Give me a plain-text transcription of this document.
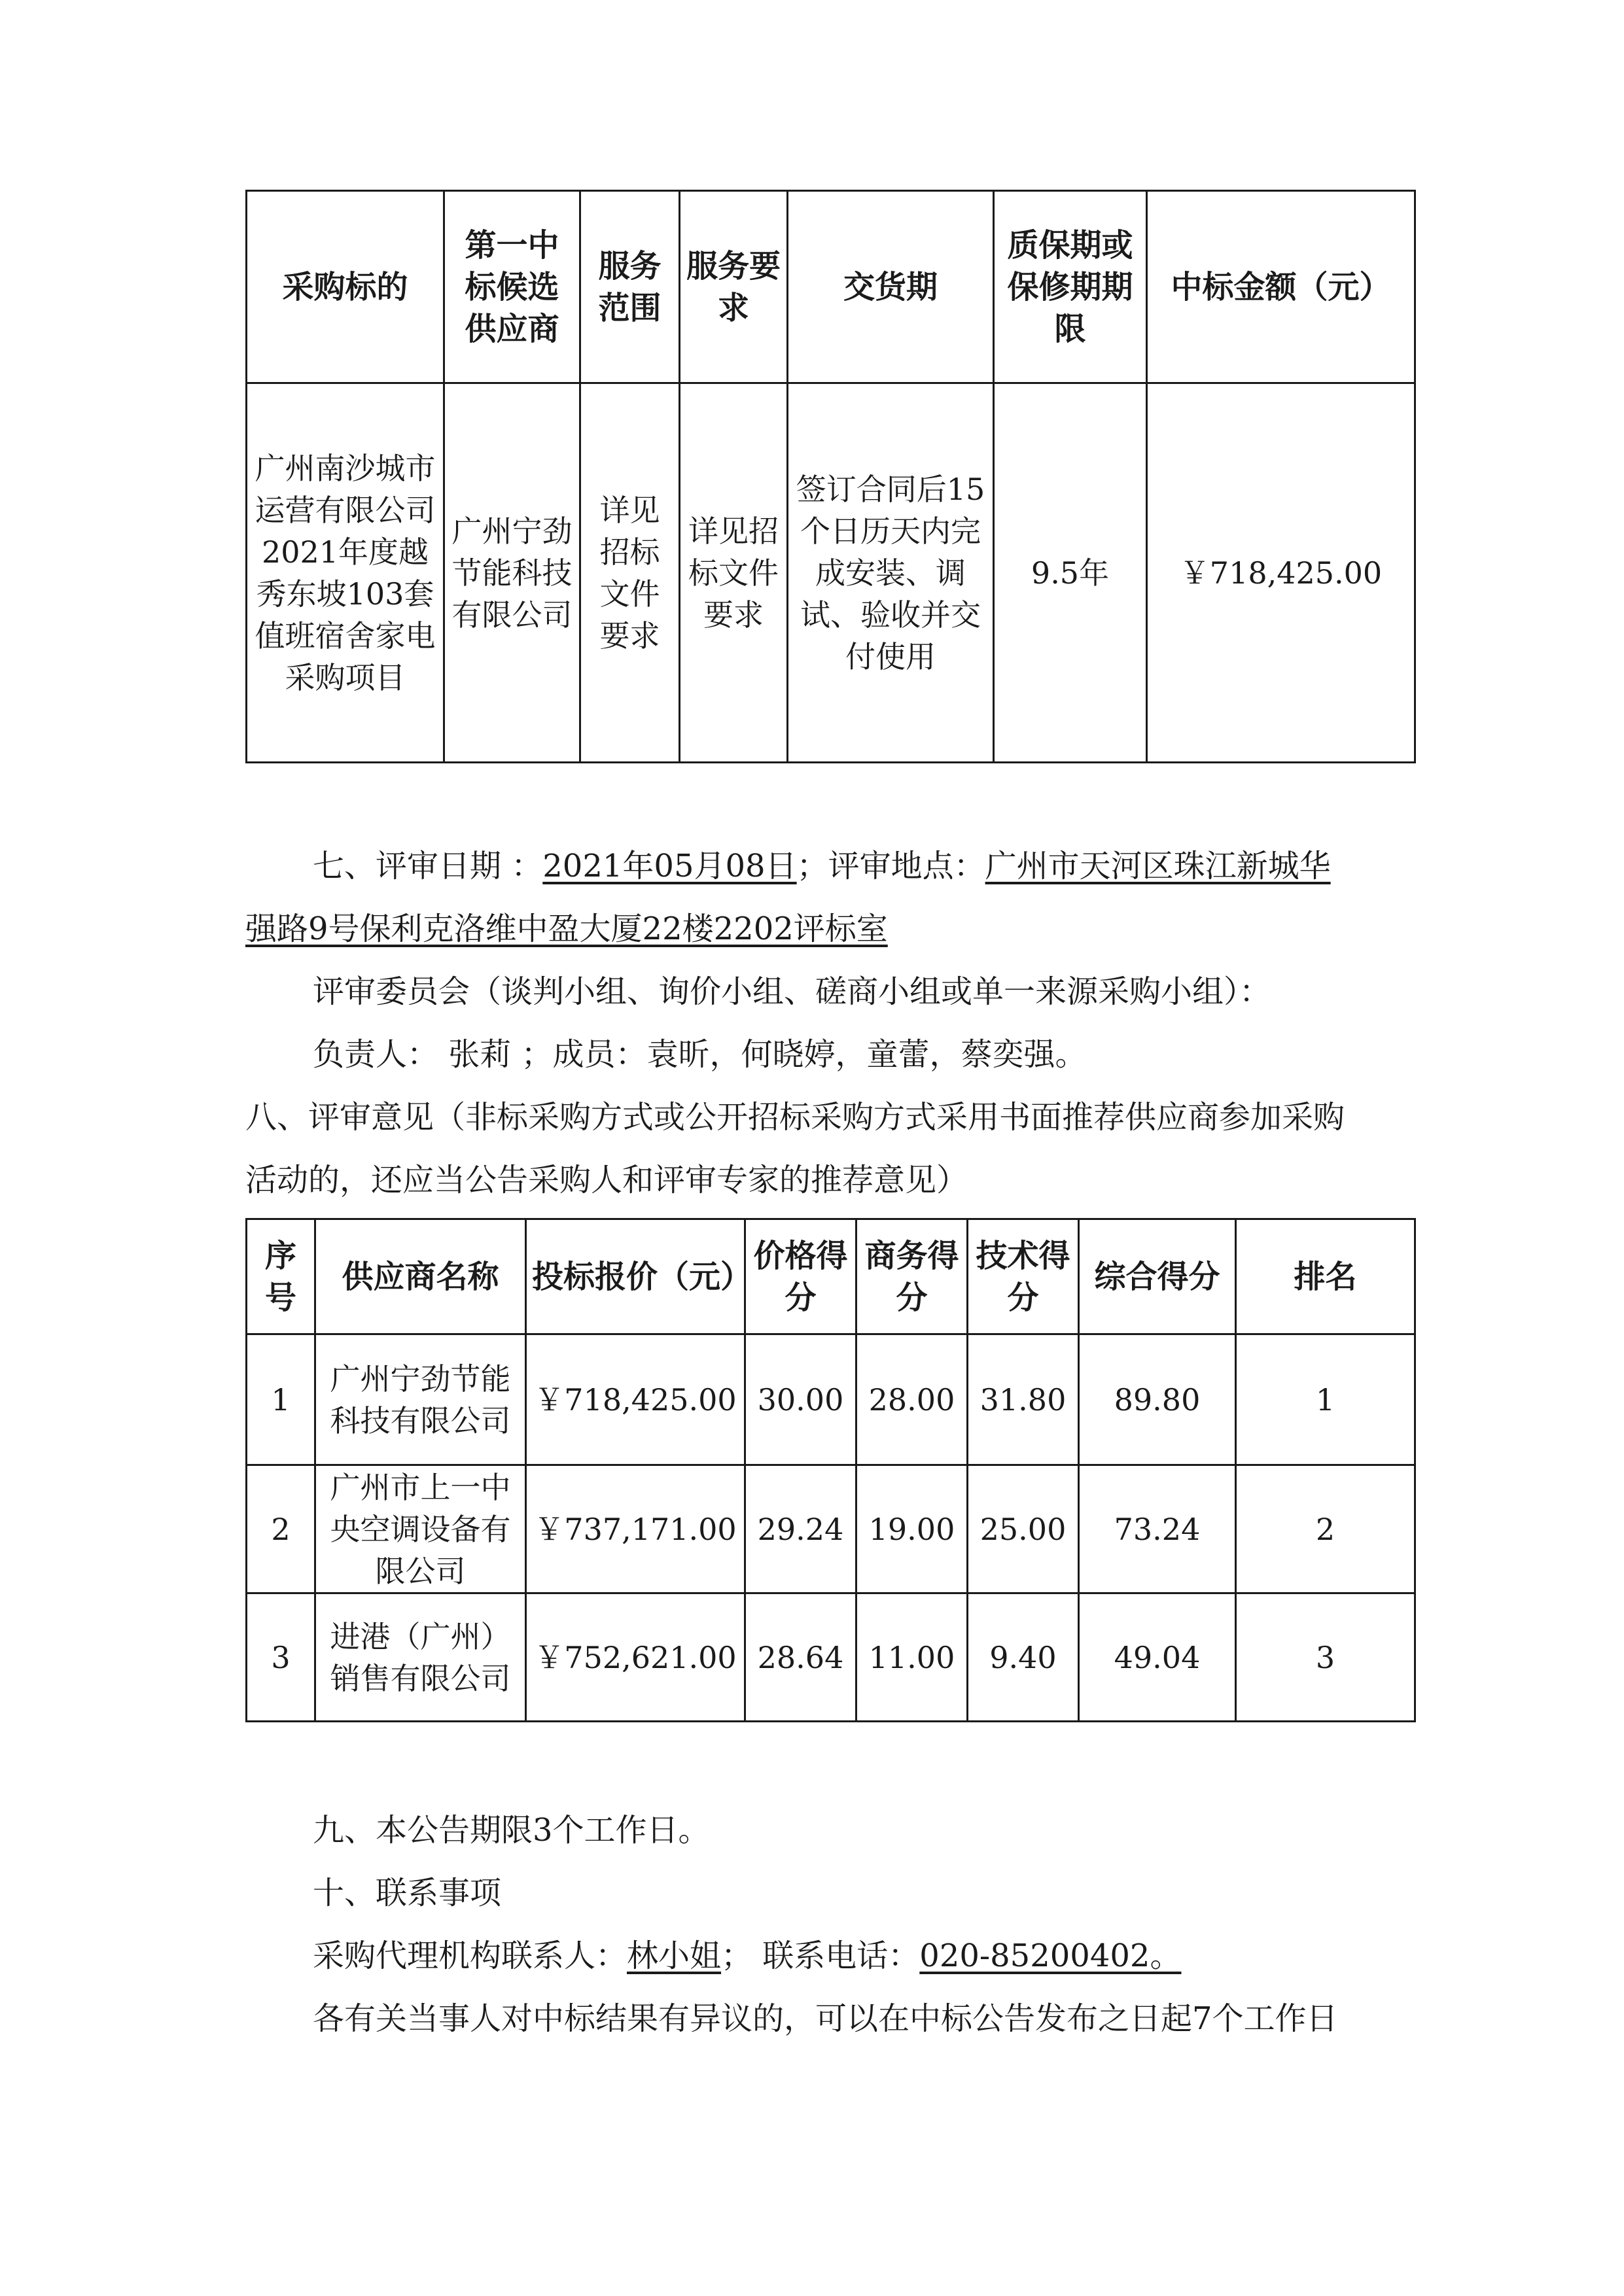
采购标的	第一中标候选供应商	服务范围	服务要求	交货期	质保期或保修期期限	中标金额（元）
广州南沙城市运营有限公司2021年度越秀东坡103套值班宿舍家电采购项目	广州宁劲节能科技有限公司	详见招标文件要求	详见招标文件要求	签订合同后15个日历天内完成安装、调试、验收并交付使用	9.5年	￥718,425.00
七、评审日期 ：2021年05月08日；评审地点：广州市天河区珠江新城华
强路9号保利克洛维中盈大厦22楼2202评标室
评审委员会（谈判小组、询价小组、磋商小组或单一来源采购小组）：
负责人： 张莉 ；成员：袁昕，何晓婷，童蕾，蔡奕强。
八、评审意见（非标采购方式或公开招标采购方式采用书面推荐供应商参加采购
活动的，还应当公告采购人和评审专家的推荐意见）
序号	供应商名称	投标报价（元）	价格得分	商务得分	技术得分	综合得分	排名
1	广州宁劲节能科技有限公司	￥718,425.00	30.00	28.00	31.80	89.80	1
2	广州市上一中央空调设备有限公司	￥737,171.00	29.24	19.00	25.00	73.24	2
3	进港（广州）销售有限公司	￥752,621.00	28.64	11.00	9.40	49.04	3
九、本公告期限3个工作日。
十、联系事项
采购代理机构联系人：林小姐； 联系电话：020-85200402。
各有关当事人对中标结果有异议的，可以在中标公告发布之日起7个工作日
